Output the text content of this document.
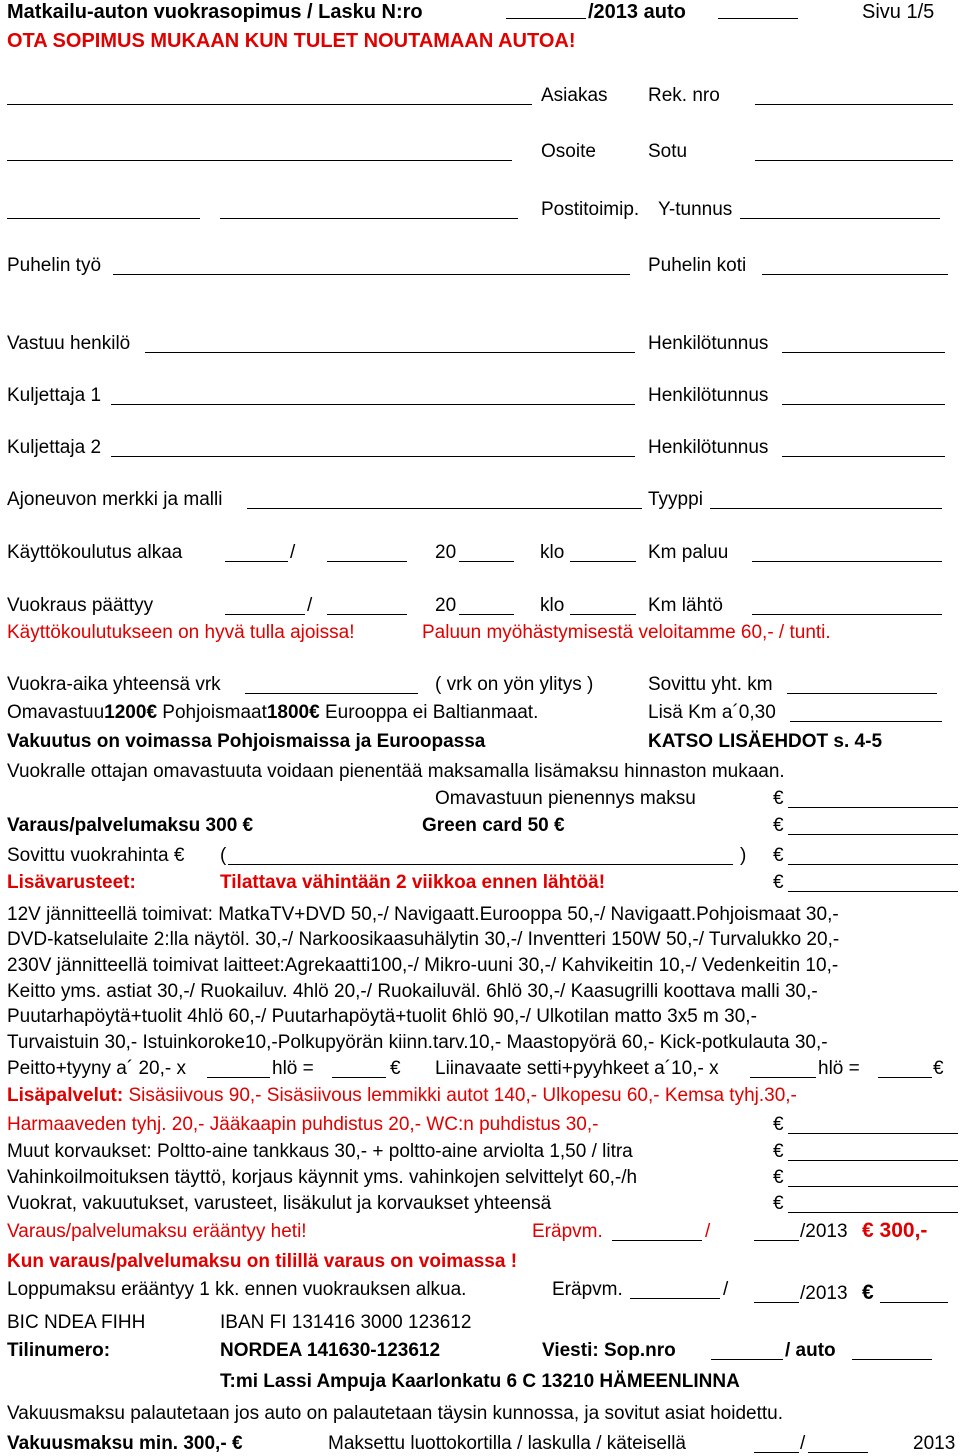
Matkailu-auton vuokrasopimus / Lasku N:ro	/2013 auto	Sivu 1/5
OTA SOPIMUS MUKAAN KUN TULET NOUTAMAAN AUTOA!
Asiakas Rek. nro
Osoite	Sotu
Postitoimip. Y-tunnus
Puhelin työ	Puhelin koti
Vastuu henkilö	Henkilötunnus
Kuljettaja 1	Henkilötunnus
Kuljettaja 2	Henkilötunnus
Ajoneuvon merkki ja malli	Tyyppi
Käyttökoulutus alkaa	/	20	klo	Km paluu
Vuokraus päättyy	/	20	klo	Km lähtö
Käyttökoulutukseen on hyvä tulla ajoissa!	Paluun myöhästymisestä veloitamme 60,- / tunti.
Vuokra-aika yhteensä vrk	( vrk on yön ylitys )	Sovittu yht. km
Omavastuu1200€ Pohjoismaat1800€ Eurooppa ei Baltianmaat.	Lisä Km a´0,30
Vakuutus on voimassa Pohjoismaissa ja Euroopassa	KATSO LISÄEHDOT s. 4-5
Vuokralle ottajan omavastuuta voidaan pienentää maksamalla lisämaksu hinnaston mukaan.
Omavastuun pienennys maksu	€
Varaus/palvelumaksu 300 €	Green card 50 €	€
Sovittu vuokrahinta € (	) €
Lisävarusteet:	Tilattava vähintään 2 viikkoa ennen lähtöä!	€
12V jännitteellä toimivat: MatkaTV+DVD 50,-/ Navigaatt.Eurooppa 50,-/ Navigaatt.Pohjoismaat 30,-
DVD-katselulaite 2:lla näytöl. 30,-/ Narkoosikaasuhälytin 30,-/ Inventteri 150W 50,-/ Turvalukko 20,-
230V jännitteellä toimivat laitteet:Agrekaatti100,-/ Mikro-uuni 30,-/ Kahvikeitin 10,-/ Vedenkeitin 10,-
Keitto yms. astiat 30,-/ Ruokailuv. 4hlö 20,-/ Ruokailuväl. 6hlö 30,-/ Kaasugrilli koottava malli 30,-
Puutarhapöytä+tuolit 4hlö 60,-/ Puutarhapöytä+tuolit 6hlö 90,-/ Ulkotilan matto 3x5 m 30,-
Turvaistuin 30,- Istuinkoroke10,-Polkupyörän kiinn.tarv.10,- Maastopyörä 60,- Kick-potkulauta 30,-
Peitto+tyyny a´ 20,- x	hlö =	€ Liinavaate setti+pyyhkeet a´10,- x	hlö =	€
Lisäpalvelut: Sisäsiivous 90,- Sisäsiivous lemmikki autot 140,- Ulkopesu 60,- Kemsa tyhj.30,-
Harmaaveden tyhj. 20,- Jääkaapin puhdistus 20,- WC:n puhdistus 30,-	€
Muut korvaukset: Poltto-aine tankkaus 30,- + poltto-aine arviolta 1,50 / litra	€
Vahinkoilmoituksen täyttö, korjaus käynnit yms. vahinkojen selvittelyt 60,-/h	€
Vuokrat, vakuutukset, varusteet, lisäkulut ja korvaukset yhteensä	€
Varaus/palvelumaksu erääntyy heti!	Eräpvm.	/	/2013 € 300,-
Kun varaus/palvelumaksu on tilillä varaus on voimassa !
Loppumaksu erääntyy 1 kk. ennen vuokrauksen alkua.	Eräpvm.	/	/2013 €
BIC NDEA FIHH	IBAN FI 131416 3000 123612
Tilinumero:	NORDEA 141630-123612	Viesti: Sop.nro	/ auto
T:mi Lassi Ampuja Kaarlonkatu 6 C 13210 HÄMEENLINNA
Vakuusmaksu palautetaan jos auto on palautetaan täysin kunnossa, ja sovitut asiat hoidettu.
Vakuusmaksu min. 300,- €	Maksettu luottokortilla / laskulla / käteisellä	/	2013
